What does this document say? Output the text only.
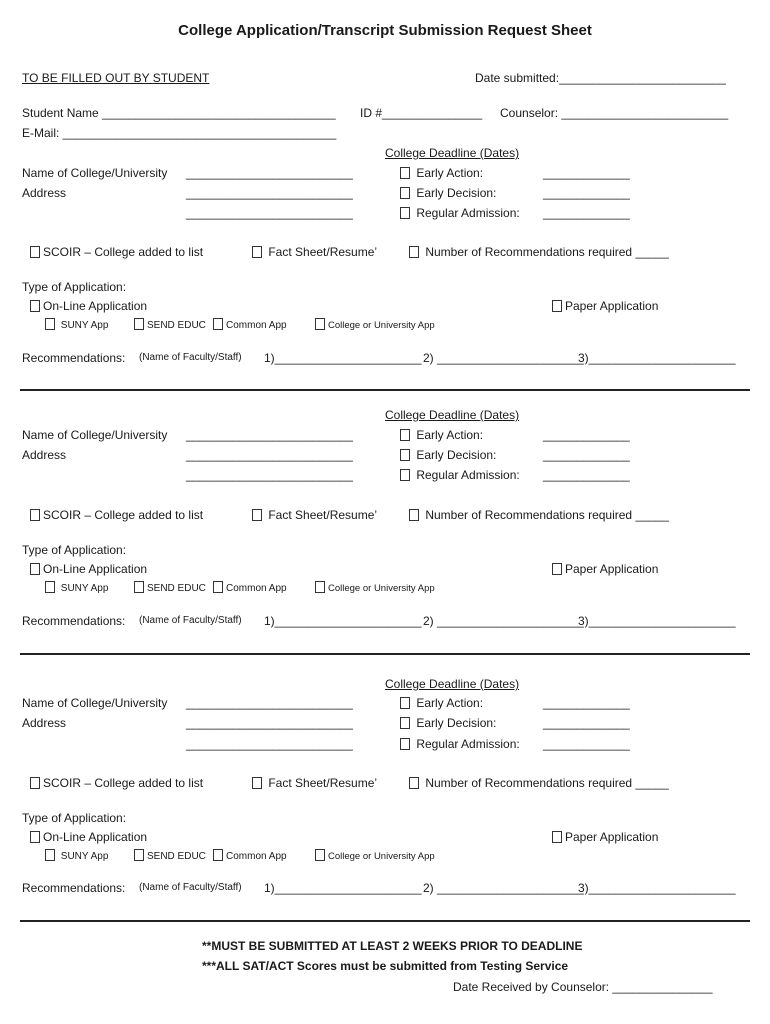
College Application/Transcript Submission Request Sheet
TO BE FILLED OUT BY STUDENT	Date submitted:_________________________
Student Name ___________________________________ ID #_______________ Counselor: _________________________
E-Mail: _________________________________________
College Deadline (Dates)
Name of College/University _________________________
Address	_________________________
_________________________
Early Action:	_____________
Early Decision:	_____________
Regular Admission: _____________
SCOIR – College added to list	Fact Sheet/Resume’	Number of Recommendations required _____
Type of Application:
On-Line Application	Paper Application
SUNY App	SEND EDUC	Common App	College or University App
Recommendations: (Name of Faculty/Staff) 1)______________________ 2) ______________________
3)______________________
College Deadline (Dates)
Name of College/University _________________________
Address	_________________________
_________________________
Early Action:	_____________
Early Decision:	_____________
Regular Admission: _____________
SCOIR – College added to list	Fact Sheet/Resume’	Number of Recommendations required _____
Type of Application:
On-Line Application	Paper Application
SUNY App	SEND EDUC	Common App	College or University App
Recommendations: (Name of Faculty/Staff) 1)______________________ 2) ______________________
3)______________________
College Deadline (Dates)
Name of College/University _________________________
Address	_________________________
_________________________
Early Action:	_____________
Early Decision:	_____________
Regular Admission: _____________
SCOIR – College added to list	Fact Sheet/Resume’	Number of Recommendations required _____
Type of Application:
On-Line Application	Paper Application
SUNY App	SEND EDUC	Common App	College or University App
Recommendations: (Name of Faculty/Staff) 1)______________________ 2) ______________________
3)______________________
**MUST BE SUBMITTED AT LEAST 2 WEEKS PRIOR TO DEADLINE
***ALL SAT/ACT Scores must be submitted from Testing Service
Date Received by Counselor: _______________
